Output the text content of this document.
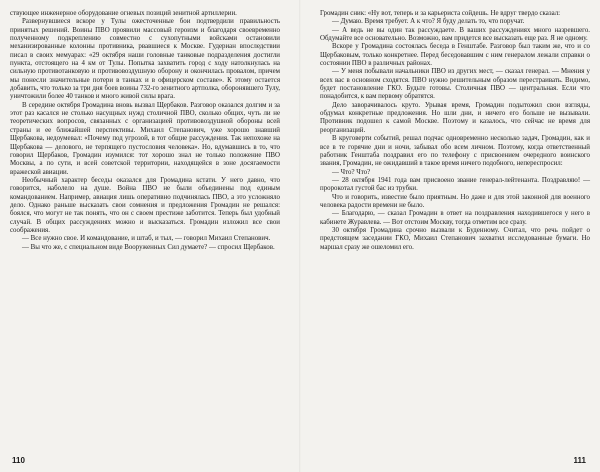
ствующее инженерное оборудование огневых позиций зенитной артиллерии.

Развернувшиеся вскоре у Тулы ожесточенные бои подтвердили правильность принятых решений. Воины ПВО проявили массовый героизм и благодаря своевременно полученному подкреплению совместно с сухопутными войсками остановили механизированные колонны противника, рвавшиеся к Москве. Гудериан впоследствии писал в своих мемуарах: «29 октября наши головные танковые подразделения достигли пункта, отстоящего на 4 км от Тулы. Попытка захватить город с ходу натолкнулась на сильную противотанковую и противовоздушную оборону и окончилась провалом, причем мы понесли значительные потери в танках и в офицерском составе». К этому остается добавить, что только за три дня боев воины 732-го зенитного артполка, оборонявшего Тулу, уничтожили более 40 танков и много живой силы врага.

В середине октября Громадина вновь вызвал Щербаков. Разговор оказался долгим и за этот раз касался не столько насущных нужд столичной ПВО, сколько общих, чуть ли не теоретических вопросов, связанных с организацией противовоздушной обороны всей страны и ее ближайшей перспективы. Михаил Степанович, уже хорошо знавший Щербакова, недоумевал: «Почему под угрозой, в тот общие рассуждения. Так непохоже на Щербакова — делового, не терпящего пустословия человека». Но, вдумавшись в то, что говорил Щербаков, Громадин изумился: тот хорошо знал не только положение ПВО Москвы, а по сути, и всей советской территории, находящейся в зоне досягаемости вражеской авиации.

Необычный характер беседы оказался для Громадина кстати. У него давно, что говорится, наболело на душе. Война ПВО не были объединены под единым командованием. Например, авиация лишь оперативно подчинялась ПВО, а это усложняло дело. Однако раньше высказать свои сомнения и предложения Громадин не решался: боялся, что могут не так понять, что он с своем престиже заботится. Теперь был удобный случай. В общих рассуждениях можно и высказаться. Громадин изложил все свои соображения.

— Все нужно свое. И командование, и штаб, и тыл, — говорил Михаил Степанович.

— Вы что же, с специальном виде Вооруженных Сил думаете? — спросил Щербаков.

110

Громадин сник: «Ну вот, теперь и за карьериста сойдешь. Не вдруг твердо сказал:

— Думаю. Время требует. А к что? Я буду делать то, что поручат.

— А ведь не вы один так рассуждаете. В ваших рассуждениях много назревшего. Обдумайте все основательно. Возможно, вам придется все высказать еще раз. Я не одному.

Вскоре у Громадина состоялась беседа в Генштабе. Разговор был таким же, что и со Щербаковым, только конкретнее. Перед беседовавшим с ним генералом лежали справки о состоянии ПВО в различных районах.

— У меня побывали начальники ПВО из других мест, — сказал генерал. — Мнения у всех вас в основном сходятся. ПВО нужно решительным образом перестраивать. Видимо, будет постановление ГКО. Будьте готовы. Столичная ПВО — центральная. Если что понадобится, к вам первому обратятся.

Дело заворачивалось круто. Урывая время, Громадин подытожил свои взгляды, обдумал конкретные предложения. Но шли дни, и ничего его больше не вызывали. Противник подошел к самой Москве. Поэтому и казалось, что сейчас не время для реорганизаций.

В круговерти событий, решал подчас одновременно несколько задач, Громадин, как и все в те горячие дни и ночи, забывал обо всем личном. Поэтому, когда ответственный работник Генштаба поздравил его по телефону с присвоением очередного воинского звания, Громадин, не ожидавший в такое время ничего подобного, непереспросил:

— Что? Что?

— 28 октября 1941 года вам присвоено звание генерал-лейтенанта. Поздравляю! — пророкотал густой бас из трубки.

Что и говорить, известие было приятным. Но даже и для этой законной для военного человека радости времени не было.

— Благодарю, — сказал Громадин в ответ на поздравления находившегося у него в кабинете Журавлева. — Вот отстоим Москву, тогда отметим все сразу.

30 октября Громадина срочно вызвали к Буденному. Считал, что речь пойдет о предстоящем заседании ГКО, Михаил Степанович захватил исследованные бумаги. Но маршал сразу же ошеломил его.

111
